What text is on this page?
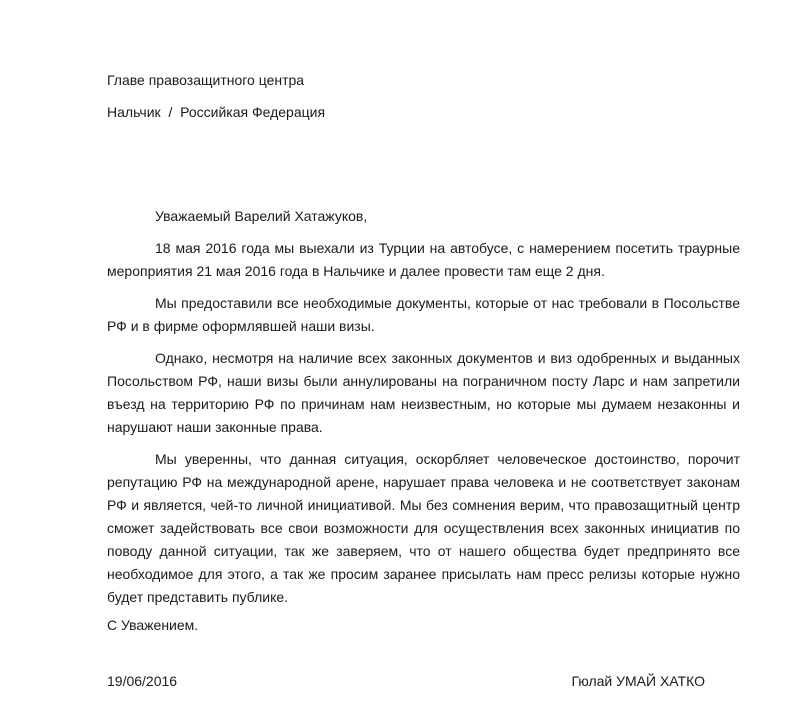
Главе правозащитного центра
Нальчик  /  Российкая Федерация
Уважаемый Варелий Хатажуков,

18 мая 2016 года мы выехали из Турции на автобусе, с намерением посетить траурные мероприятия 21 мая 2016 года в Нальчике и далее провести там еще 2 дня.

Мы предоставили все необходимые документы, которые от нас требовали в Посольстве РФ и в фирме оформлявшей наши визы.

Однако, несмотря на наличие всех законных документов и виз одобренных и выданных Посольством РФ, наши визы были аннулированы на пограничном посту Ларс и нам запретили въезд на территорию РФ по причинам нам неизвестным, но которые мы думаем незаконны и нарушают наши законные права.

Мы уверенны, что данная ситуация, оскорбляет человеческое достоинство, порочит репутацию РФ на международной арене, нарушает права человека и не соответствует законам РФ и является, чей-то личной инициативой. Мы без сомнения верим, что правозащитный центр сможет задействовать все свои возможности для осуществления всех законных инициатив по поводу данной ситуации, так же заверяем, что от нашего общества будет предпринято все необходимое для этого, а так же просим заранее присылать нам пресс релизы которые нужно будет представить публике.

С Уважением.
19/06/2016	Гюлай УМАЙ ХАТКО
